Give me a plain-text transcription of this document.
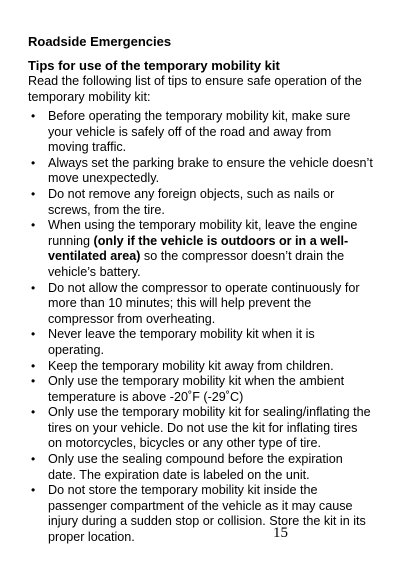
Roadside Emergencies
Tips for use of the temporary mobility kit

Read the following list of tips to ensure safe operation of the temporary mobility kit:

• Before operating the temporary mobility kit, make sure your vehicle is safely off of the road and away from moving traffic.
• Always set the parking brake to ensure the vehicle doesn’t move unexpectedly.
• Do not remove any foreign objects, such as nails or screws, from the tire.
• When using the temporary mobility kit, leave the engine running (only if the vehicle is outdoors or in a well-ventilated area) so the compressor doesn’t drain the vehicle’s battery.
• Do not allow the compressor to operate continuously for more than 10 minutes; this will help prevent the compressor from overheating.
• Never leave the temporary mobility kit when it is operating.
• Keep the temporary mobility kit away from children.
• Only use the temporary mobility kit when the ambient temperature is above -20˚F (-29˚C)
• Only use the temporary mobility kit for sealing/inflating the tires on your vehicle. Do not use the kit for inflating tires on motorcycles, bicycles or any other type of tire.
• Only use the sealing compound before the expiration date. The expiration date is labeled on the unit.
• Do not store the temporary mobility kit inside the passenger compartment of the vehicle as it may cause injury during a sudden stop or collision. Store the kit in its proper location.	15
